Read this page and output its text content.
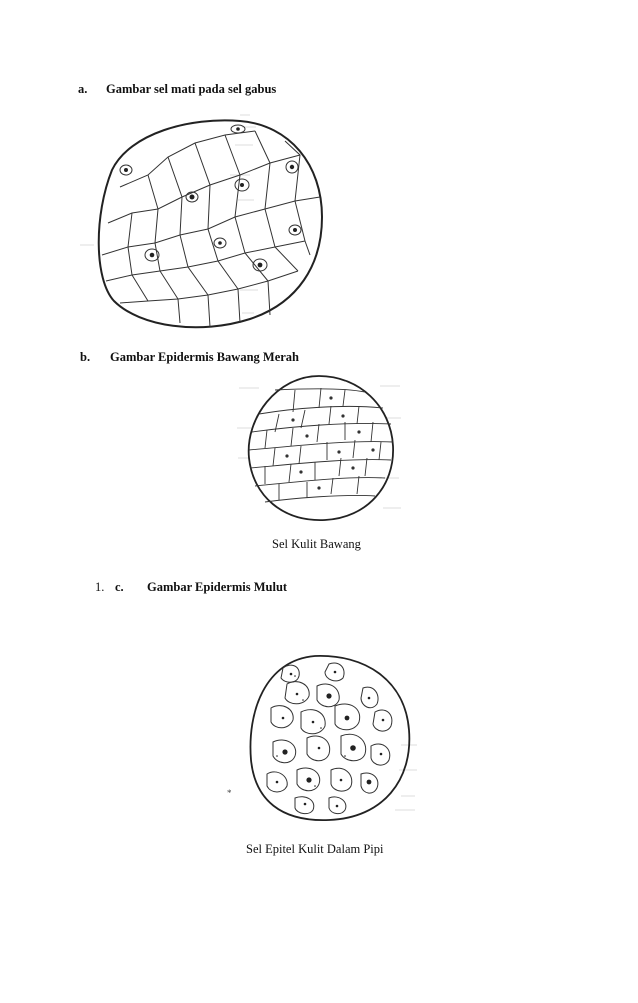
a. Gambar sel mati pada sel gabus
b. Gambar Epidermis Bawang Merah
Sel Kulit Bawang
1. c. Gambar Epidermis Mulut
*
Sel Epitel Kulit Dalam Pipi
